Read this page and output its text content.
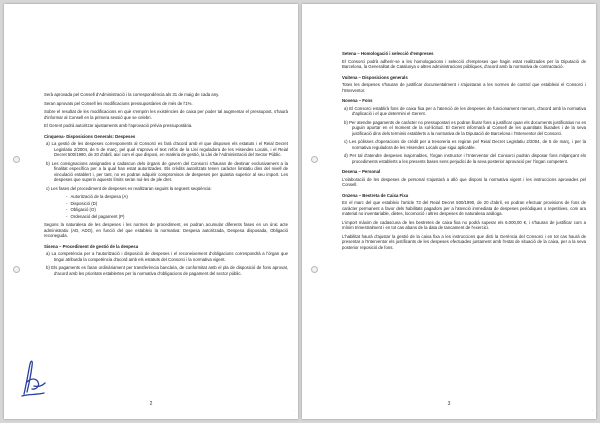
Serà aprovada pel Consell d'Administració i la correspondència als 31 de maig de cada any.

Seran aprovats pel Consell les modificacions pressupostàries de més de l'1%.

Sobre el resultat de les modificacions en què s'emprin les existències de caixa per poder tal augmentar el pressupost, s'haurà d'informar al Consell en la primera sessió que se celebri.

El Gerent podrà autoritzar ajustaments amb l'aprovació prèvia pressupostària.

Cinquena- Disposicions Generals: Despeses

a) La gestió de les despeses corresponents al Consorci es farà d'acord amb el que disposen els estatuts i el Reial Decret Legislatiu 2/2004, de 5 de març, pel qual s'aprova el text refós de la Llei reguladora de les Hisendes Locals, i el Reial Decret 500/1990, de 20 d'abril, així com el que disposi, en matèria de gestió, la Llei de l'Administració del Sector Públic.

b) Les consignacions assignades a cadascun dels òrgans de govern del Consorci s'hauran de destinar exclusivament a la finalitat específica per a la qual han estat autoritzades. Els crèdits autoritzats tenen caràcter limitatiu dins del nivell de vinculació establert i, per tant, no es podran adquirir compromisos de despeses per quantia superior al seu import. Les despeses que superin aquests límits seran nul·les de ple dret.

c) Les fases del procediment de despeses es realitzaran seguint la següent seqüència:

- Autorització de la despesa (A)
- Disposició (D)
- Obligació (O)
- Ordenació del pagament (P)

Segons la naturalesa de les despeses i les normes de procediment, es podran acumular diferents fases en un únic acte administratiu (AD, ADO), en funció del que estableix la normativa: Despesa autoritzada, Despesa disposada, Obligació reconeguda.

Sisena – Procediment de gestió de la despesa

a) La competència per a l'autorització i disposició de despeses i el reconeixement d'obligacions correspondrà a l'òrgan que tingui atribuïda la competència d'acord amb els estatuts del Consorci i la normativa vigent.

b) Els pagaments es faran ordinàriament per transferència bancària, de conformitat amb el pla de disposició de fons aprovat, d'acord amb les prioritats establertes per la normativa d'obligacions de pagament del sector públic.

2
·
Setena – Homologació i selecció d'empreses

El Consorci podrà adherir-se a les homologacions i selecció d'empreses que hagin estat realitzades per la Diputació de Barcelona, la Generalitat de Catalunya o altres administracions públiques, d'acord amb la normativa de contractació.

Vuitena – Disposicions generals

Totes les despeses s'hauran de justificar documentalment i s'ajustaran a les normes de control que estableixi el Consorci i l'Interventor.

Novena – Fons

a) El Consorci establirà fons de caixa fixa per a l'atenció de les despeses de funcionament menors, d'acord amb la normativa d'aplicació i el que determini el Gerent.

b) Per atendre pagaments de caràcter no pressupostari es podran lliurar fons a justificar quan els documents justificatius no es puguin aportar en el moment de la sol·licitud. El Gerent informarà al Consell de les quantitats lliurades i de la seva justificació dins dels terminis establerts a la normativa de la Diputació de Barcelona i l'Interventor del Consorci.

c) Les pòlisses d'operacions de crèdit per a tresoreria es regiran pel Reial Decret Legislatiu 2/2004, de 5 de març, i per la normativa reguladora de les Hisendes Locals que sigui aplicable.

d) Per tal d'atendre despeses inajornables, l'òrgan instructor i l'Interventor del Consorci podran disposar fons mitjançant els procediments establerts a les presents bases sens perjudici de la seva posterior aprovació per l'òrgan competent.

Desena – Personal

L'elaboració de les despeses de personal s'ajustarà a allò que disposi la normativa vigent i les instruccions aprovades pel Consell.

Onzena – Bestreta de Caixa Fixa

En el marc del que estableix l'article 73 del Reial Decret 500/1990, de 20 d'abril, es podran efectuar provisions de fons de caràcter permanent a favor dels habilitats pagadors per a l'atenció immediata de despeses periòdiques o repetitives, com ara material no inventariable, dietes, locomoció i altres despeses de naturalesa anàloga.

L'import màxim de cadascuna de les bestretes de caixa fixa no podrà superar els 6.000,00 €, i s'hauran de justificar com a mínim trimestralment i en tot cas abans de la data de tancament de l'exercici.

L'habilitat haurà d'ajustar la gestió de la caixa fixa a les instruccions que dicti la Gerència del Consorci i en tot cas haurà de presentar a l'Interventor els justificants de les despeses efectuades juntament amb l'estat de situació de la caixa, per a la seva posterior reposició de fons.

3
·
